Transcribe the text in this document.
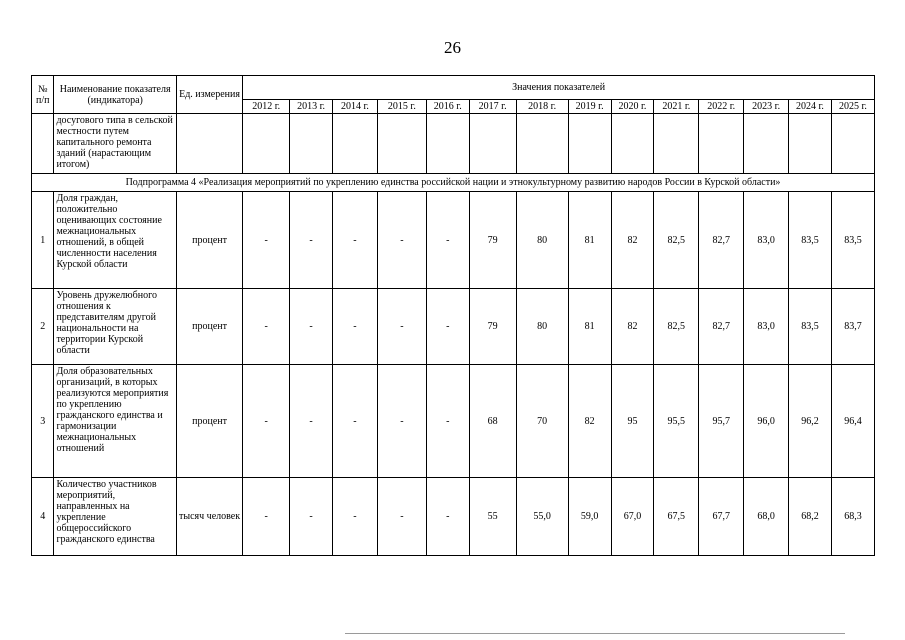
26
№ п/п	Наименование показателя (индикатора)	Ед. измерения	Значения показателей													
			2012 г.	2013 г.	2014 г.	2015 г.	2016 г.	2017 г.	2018 г.	2019 г.	2020 г.	2021 г.	2022 г.	2023 г.	2024 г.	2025 г.
	досугового типа в сельской местности путем капитального ремонта зданий (нарастающим итогом)															
Подпрограмма 4 «Реализация мероприятий по укреплению единства российской нации и этнокультурному развитию народов России в Курской области»																
1	Доля граждан, положительно оценивающих состояние межнациональных отношений, в общей численности населения Курской области	процент	-	-	-	-	-	79	80	81	82	82,5	82,7	83,0	83,5	83,5
2	Уровень дружелюбного отношения к представителям другой национальности на территории Курской области	процент	-	-	-	-	-	79	80	81	82	82,5	82,7	83,0	83,5	83,7
3	Доля образовательных организаций, в которых реализуются мероприятия по укреплению гражданского единства и гармонизации межнациональных отношений	процент	-	-	-	-	-	68	70	82	95	95,5	95,7	96,0	96,2	96,4
4	Количество участников мероприятий, направленных на укрепление общероссийского гражданского единства	тысяч человек	-	-	-	-	-	55	55,0	59,0	67,0	67,5	67,7	68,0	68,2	68,3
